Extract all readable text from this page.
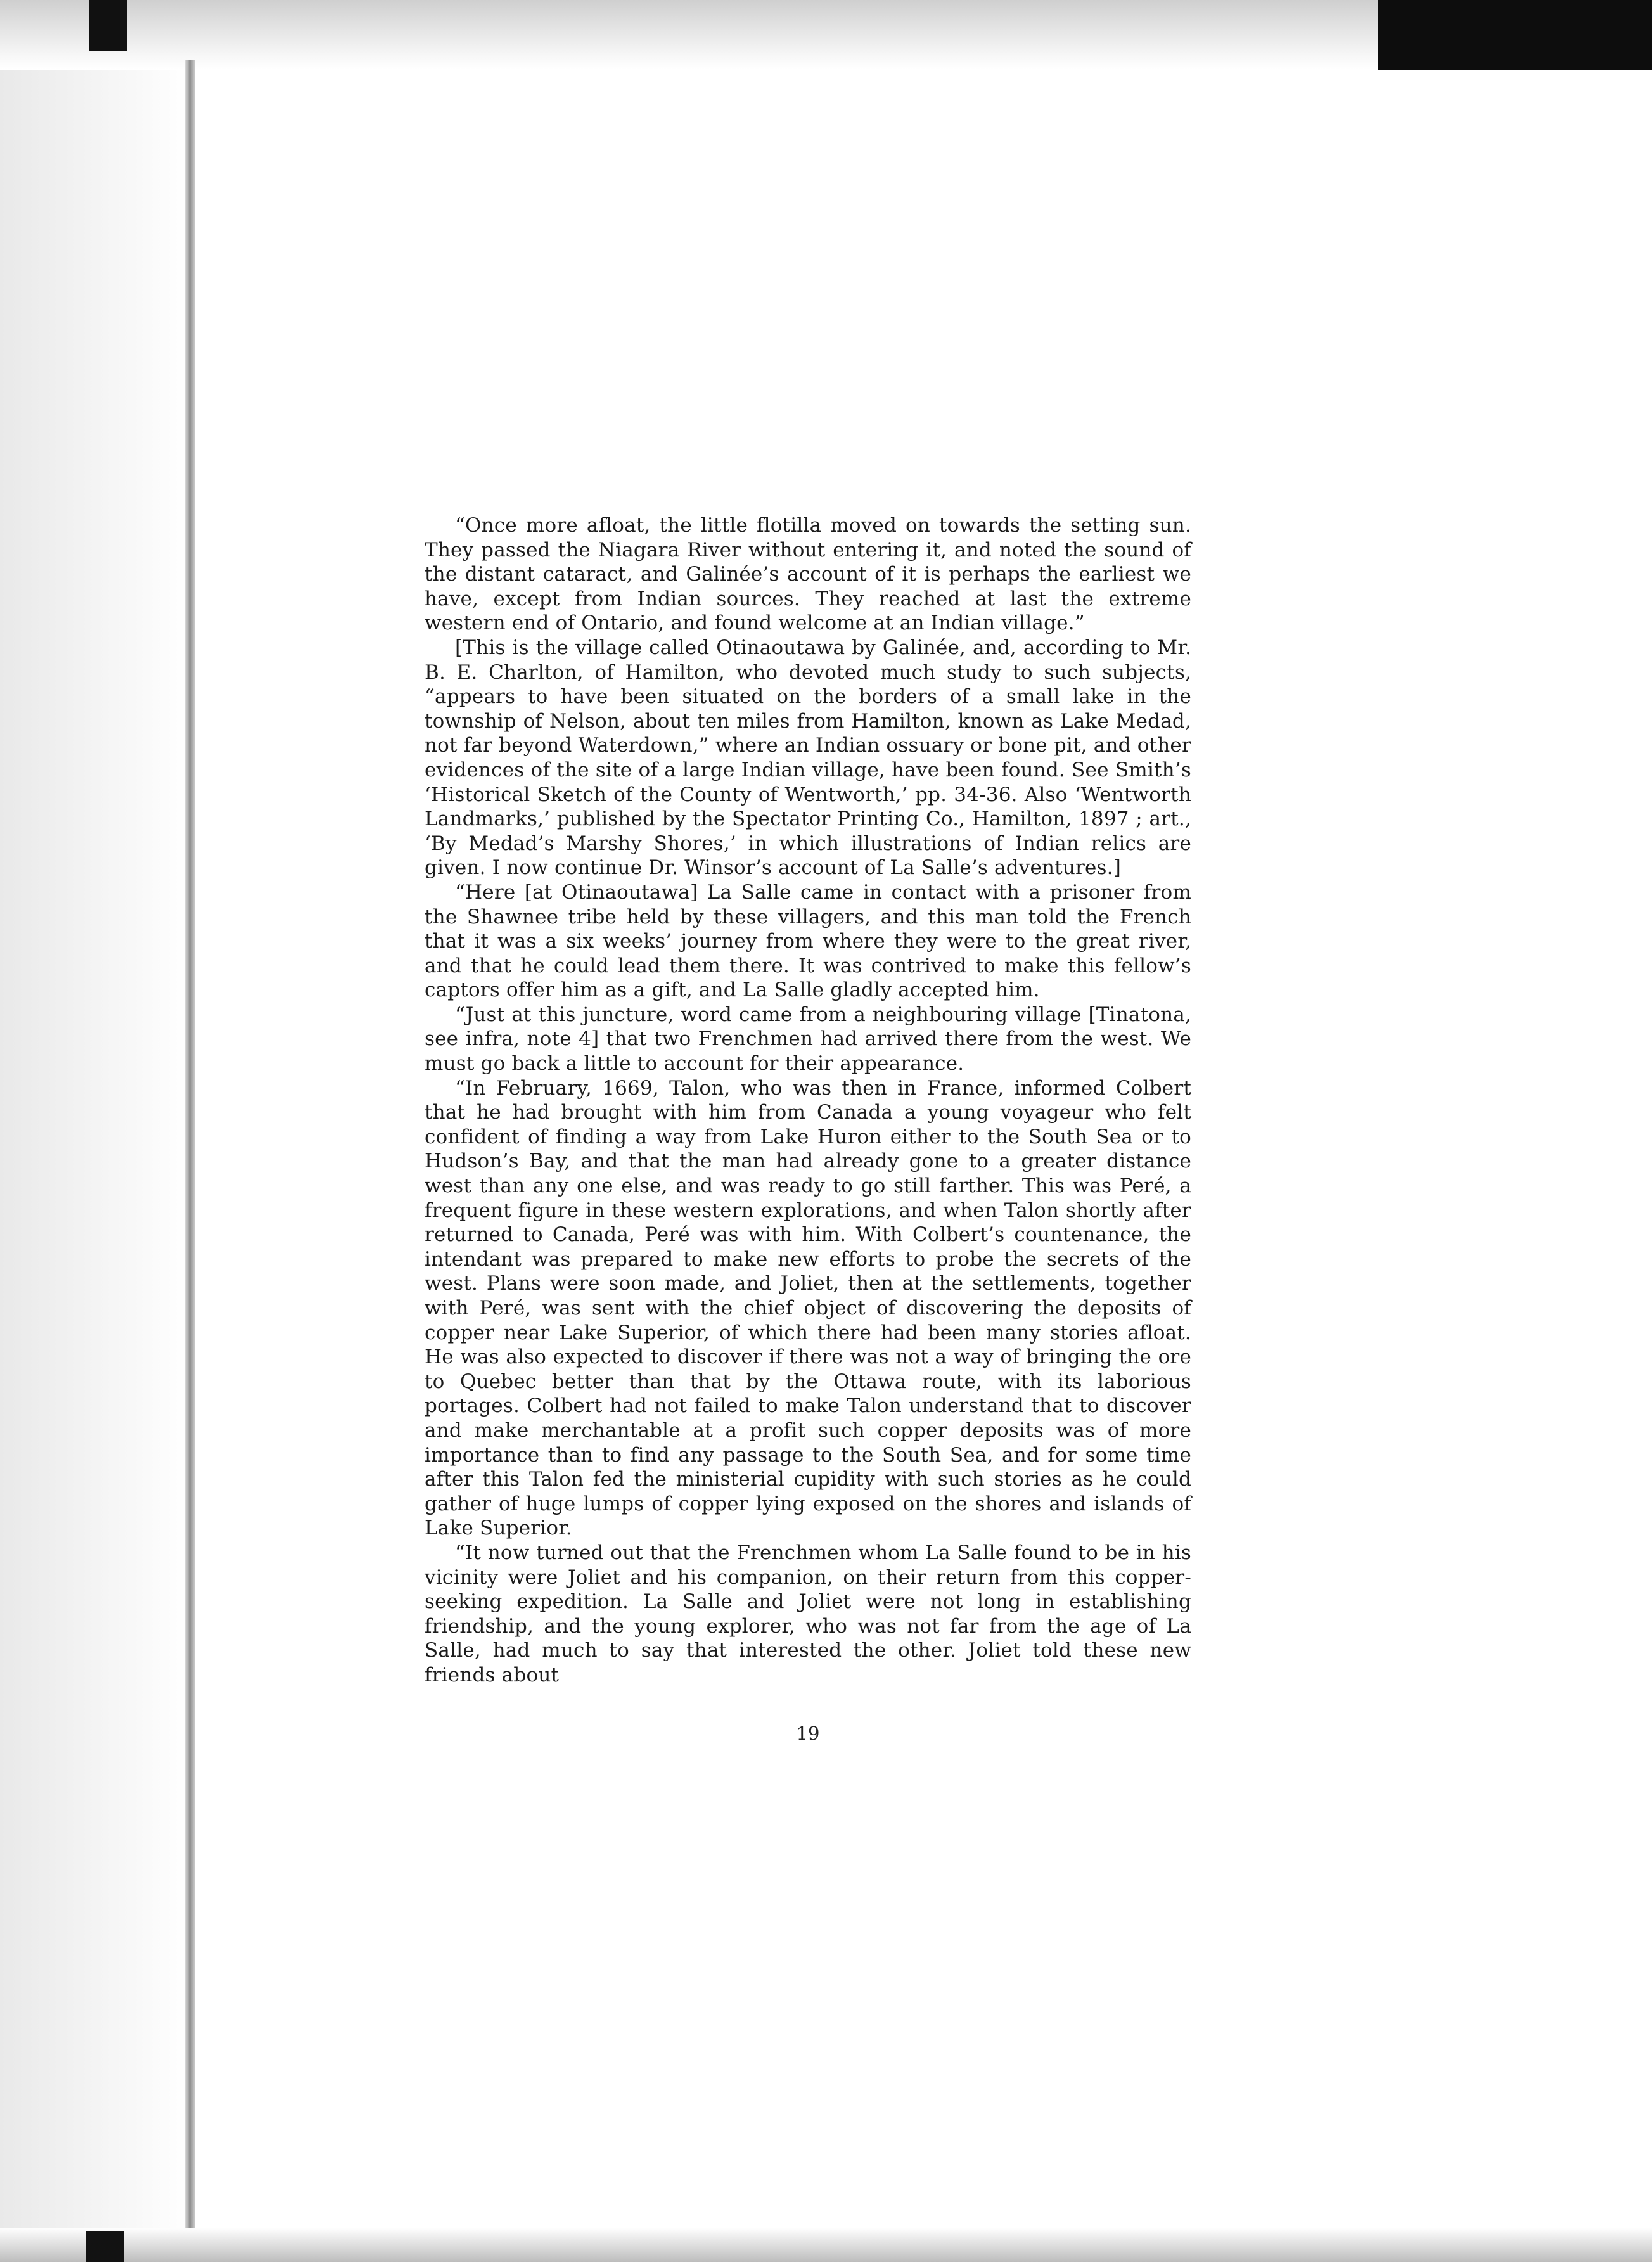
“Once more afloat, the little flotilla moved on towards the setting sun. They passed the Niagara River without entering it, and noted the sound of the distant cataract, and Galinée’s account of it is perhaps the earliest we have, except from Indian sources. They reached at last the extreme western end of Ontario, and found welcome at an Indian village.”

[This is the village called Otinaoutawa by Galinée, and, according to Mr. B. E. Charlton, of Hamilton, who devoted much study to such subjects, “appears to have been situated on the borders of a small lake in the township of Nelson, about ten miles from Hamilton, known as Lake Medad, not far beyond Waterdown,” where an Indian ossuary or bone pit, and other evidences of the site of a large Indian village, have been found. See Smith’s ‘Historical Sketch of the County of Wentworth,’ pp. 34-36. Also ‘Wentworth Landmarks,’ published by the Spectator Printing Co., Hamilton, 1897 ; art., ‘By Medad’s Marshy Shores,’ in which illustrations of Indian relics are given. I now continue Dr. Winsor’s account of La Salle’s adventures.]

“Here [at Otinaoutawa] La Salle came in contact with a prisoner from the Shawnee tribe held by these villagers, and this man told the French that it was a six weeks’ journey from where they were to the great river, and that he could lead them there. It was contrived to make this fellow’s captors offer him as a gift, and La Salle gladly accepted him.

“Just at this juncture, word came from a neighbouring village [Tinatona, see infra, note 4] that two Frenchmen had arrived there from the west. We must go back a little to account for their appearance.

“In February, 1669, Talon, who was then in France, informed Colbert that he had brought with him from Canada a young voyageur who felt confident of finding a way from Lake Huron either to the South Sea or to Hudson’s Bay, and that the man had already gone to a greater distance west than any one else, and was ready to go still farther. This was Peré, a frequent figure in these western explorations, and when Talon shortly after returned to Canada, Peré was with him. With Colbert’s countenance, the intendant was prepared to make new efforts to probe the secrets of the west. Plans were soon made, and Joliet, then at the settlements, together with Peré, was sent with the chief object of discovering the deposits of copper near Lake Superior, of which there had been many stories afloat. He was also expected to discover if there was not a way of bringing the ore to Quebec better than that by the Ottawa route, with its laborious portages. Colbert had not failed to make Talon understand that to discover and make merchantable at a profit such copper deposits was of more importance than to find any passage to the South Sea, and for some time after this Talon fed the ministerial cupidity with such stories as he could gather of huge lumps of copper lying exposed on the shores and islands of Lake Superior.

“It now turned out that the Frenchmen whom La Salle found to be in his vicinity were Joliet and his companion, on their return from this copper-seeking expedition. La Salle and Joliet were not long in establishing friendship, and the young explorer, who was not far from the age of La Salle, had much to say that interested the other. Joliet told these new friends about

19
